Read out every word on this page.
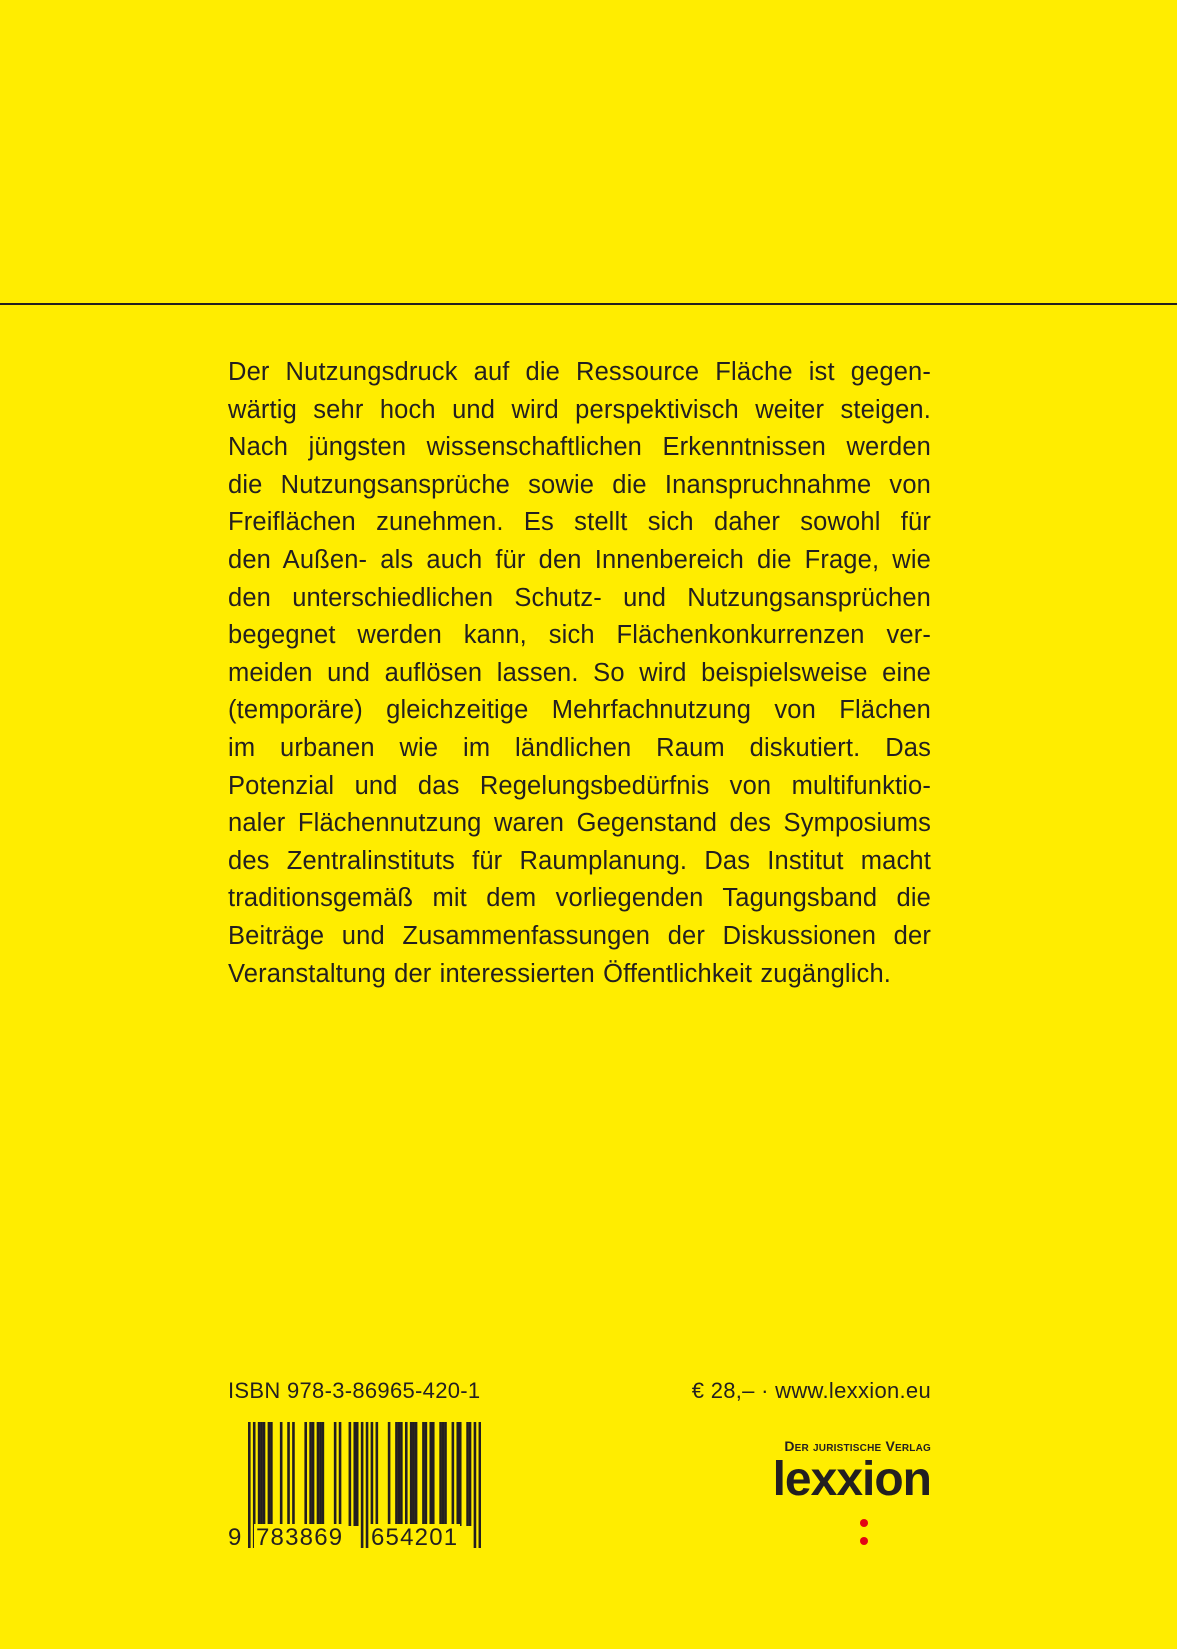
Der Nutzungsdruck auf die Ressource Fläche ist gegen-
wärtig sehr hoch und wird perspektivisch weiter steigen.
Nach jüngsten wissenschaftlichen Erkenntnissen werden
die Nutzungsansprüche sowie die Inanspruchnahme von
Freiflächen zunehmen. Es stellt sich daher sowohl für
den Außen- als auch für den Innenbereich die Frage, wie
den unterschiedlichen Schutz- und Nutzungsansprüchen
begegnet werden kann, sich Flächenkonkurrenzen ver-
meiden und auflösen lassen. So wird beispielsweise eine
(temporäre) gleichzeitige Mehrfachnutzung von Flächen
im urbanen wie im ländlichen Raum diskutiert. Das
Potenzial und das Regelungsbedürfnis von multifunktio-
naler Flächennutzung waren Gegenstand des Symposiums
des Zentralinstituts für Raumplanung. Das Institut macht
traditionsgemäß mit dem vorliegenden Tagungsband die
Beiträge und Zusammenfassungen der Diskussionen der
Veranstaltung der interessierten Öffentlichkeit zugänglich.

ISBN 978-3-86965-420-1	€ 28,– · www.lexxion.eu
9 783869 654201
Der juristische Verlag
lexxion
